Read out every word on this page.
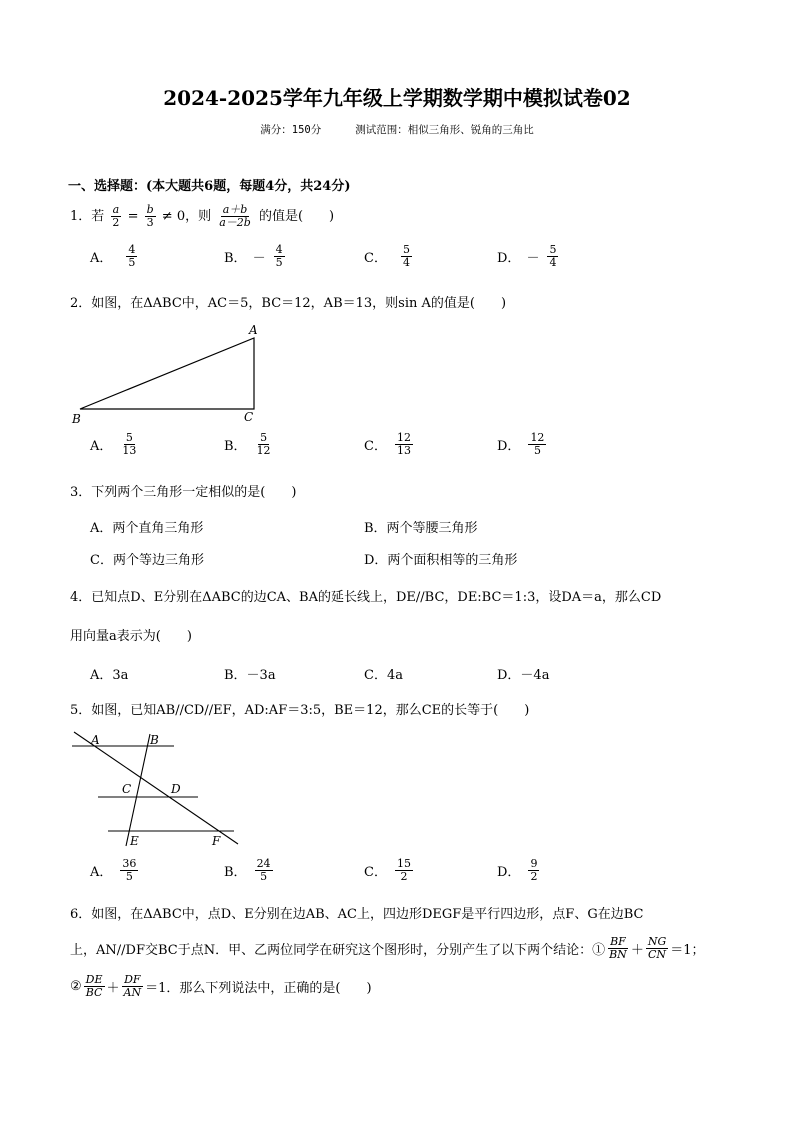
2024-2025学年九年级上学期数学期中模拟试卷02
满分：150分	测试范围：相似三角形、锐角的三角比
一、选择题：(本大题共6题，每题4分，共24分)
1．若 $\frac{a}{2} = \frac{b}{3} \ne 0$，则 $\frac{a+b}{a-2b}$ 的值是(　　)
A． $\frac{4}{5}$	B． － $\frac{4}{5}$	C． $\frac{5}{4}$	D． － $\frac{5}{4}$
2．如图，在ΔABC中，AC＝5，BC＝12，AB＝13，则sin A的值是(　　)
A
B	C
A． $\frac{5}{13}$	B． $\frac{5}{12}$	C． $\frac{12}{13}$	D． $\frac{12}{5}$
3．下列两个三角形一定相似的是(　　)
A．两个直角三角形	B．两个等腰三角形
C．两个等边三角形	D．两个面积相等的三角形
4．已知点D、E分别在ΔABC的边CA、BA的延长线上，DE//BC，DE:BC＝1:3，设DA＝a，那么CD
用向量a表示为(　　)
A．3a	B．－3a	C．4a	D．－4a
5．如图，已知AB//CD//EF，AD:AF＝3:5，BE＝12，那么CE的长等于(　　)
A	B
C	D
E	F
A． $\frac{36}{5}$	B． $\frac{24}{5}$	C． $\frac{15}{2}$	D． $\frac{9}{2}$
6．如图，在ΔABC中，点D、E分别在边AB、AC上，四边形DEGF是平行四边形，点F、G在边BC
上，AN//DF交BC于点N．甲、乙两位同学在研究这个图形时，分别产生了以下两个结论：① $\frac{BF}{BN} + \frac{NG}{CN} =1$；
② $\frac{DE}{BC} + \frac{DF}{AN} =1$．那么下列说法中，正确的是(　　)
